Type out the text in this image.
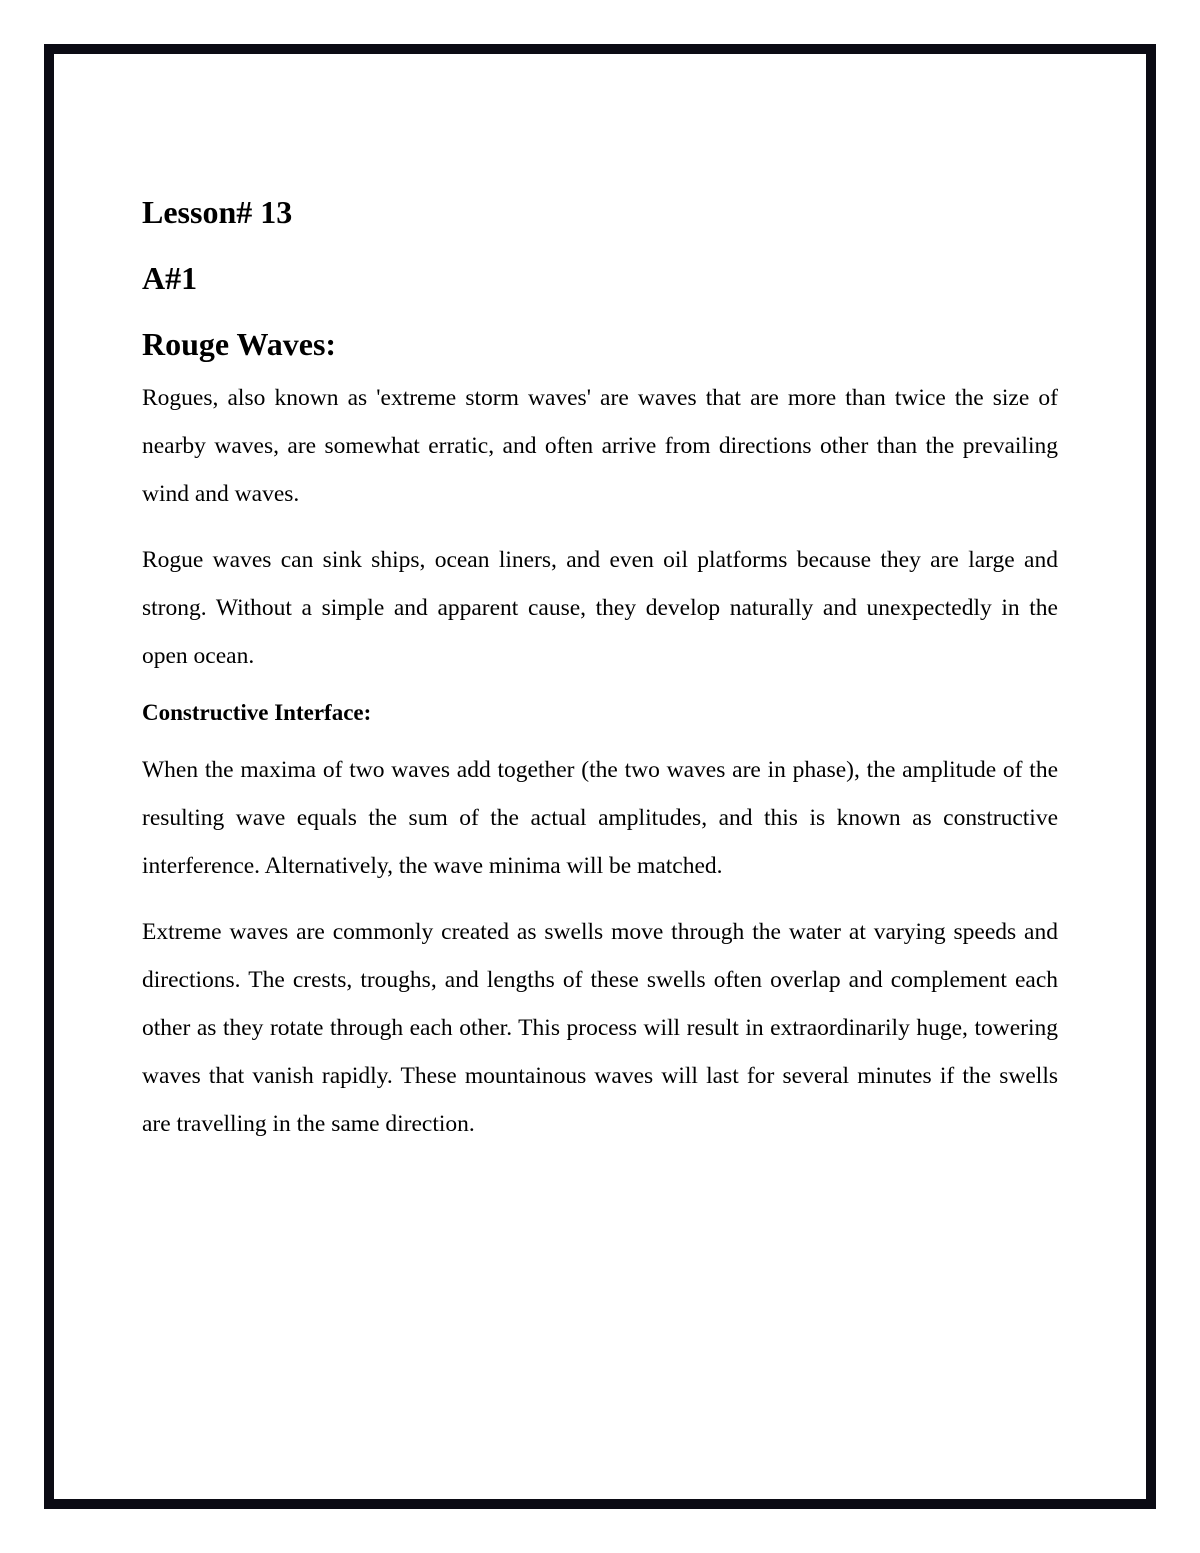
Lesson# 13
A#1
Rouge Waves:

Rogues, also known as 'extreme storm waves' are waves that are more than twice the size of nearby waves, are somewhat erratic, and often arrive from directions other than the prevailing wind and waves.

Rogue waves can sink ships, ocean liners, and even oil platforms because they are large and strong. Without a simple and apparent cause, they develop naturally and unexpectedly in the open ocean.

Constructive Interface:

When the maxima of two waves add together (the two waves are in phase), the amplitude of the resulting wave equals the sum of the actual amplitudes, and this is known as constructive interference. Alternatively, the wave minima will be matched.

Extreme waves are commonly created as swells move through the water at varying speeds and directions. The crests, troughs, and lengths of these swells often overlap and complement each other as they rotate through each other. This process will result in extraordinarily huge, towering waves that vanish rapidly. These mountainous waves will last for several minutes if the swells are travelling in the same direction.
